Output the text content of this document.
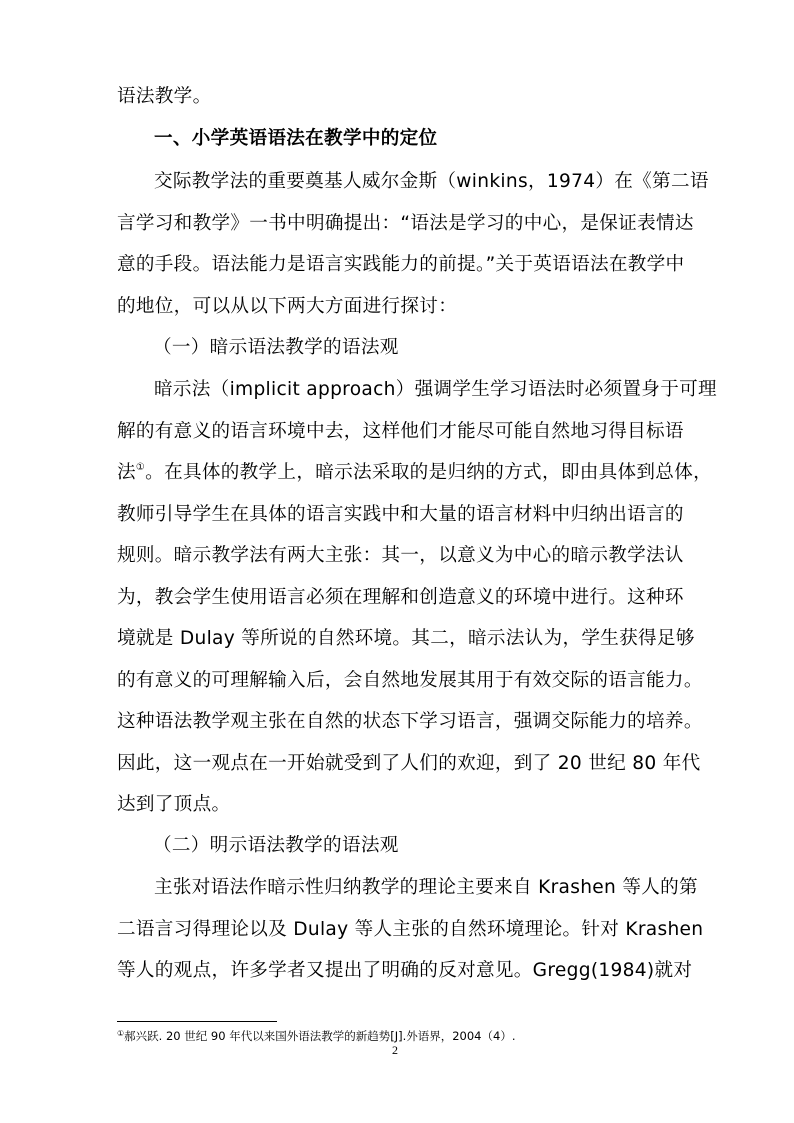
语法教学。

一、小学英语语法在教学中的定位

交际教学法的重要奠基人威尔金斯（winkins，1974）在《第二语
言学习和教学》一书中明确提出：“语法是学习的中心，是保证表情达
意的手段。语法能力是语言实践能力的前提。”关于英语语法在教学中
的地位，可以从以下两大方面进行探讨：

（一）暗示语法教学的语法观

暗示法（implicit approach）强调学生学习语法时必须置身于可理
解的有意义的语言环境中去，这样他们才能尽可能自然地习得目标语
法①。在具体的教学上，暗示法采取的是归纳的方式，即由具体到总体，
教师引导学生在具体的语言实践中和大量的语言材料中归纳出语言的
规则。暗示教学法有两大主张：其一，以意义为中心的暗示教学法认
为，教会学生使用语言必须在理解和创造意义的环境中进行。这种环
境就是 Dulay 等所说的自然环境。其二，暗示法认为，学生获得足够
的有意义的可理解输入后，会自然地发展其用于有效交际的语言能力。
这种语法教学观主张在自然的状态下学习语言，强调交际能力的培养。
因此，这一观点在一开始就受到了人们的欢迎，到了 20 世纪 80 年代
达到了顶点。

（二）明示语法教学的语法观

主张对语法作暗示性归纳教学的理论主要来自 Krashen 等人的第
二语言习得理论以及 Dulay 等人主张的自然环境理论。针对 Krashen
等人的观点，许多学者又提出了明确的反对意见。Gregg(1984)就对

①郝兴跃. 20 世纪 90 年代以来国外语法教学的新趋势[J].外语界，2004（4）.
2
